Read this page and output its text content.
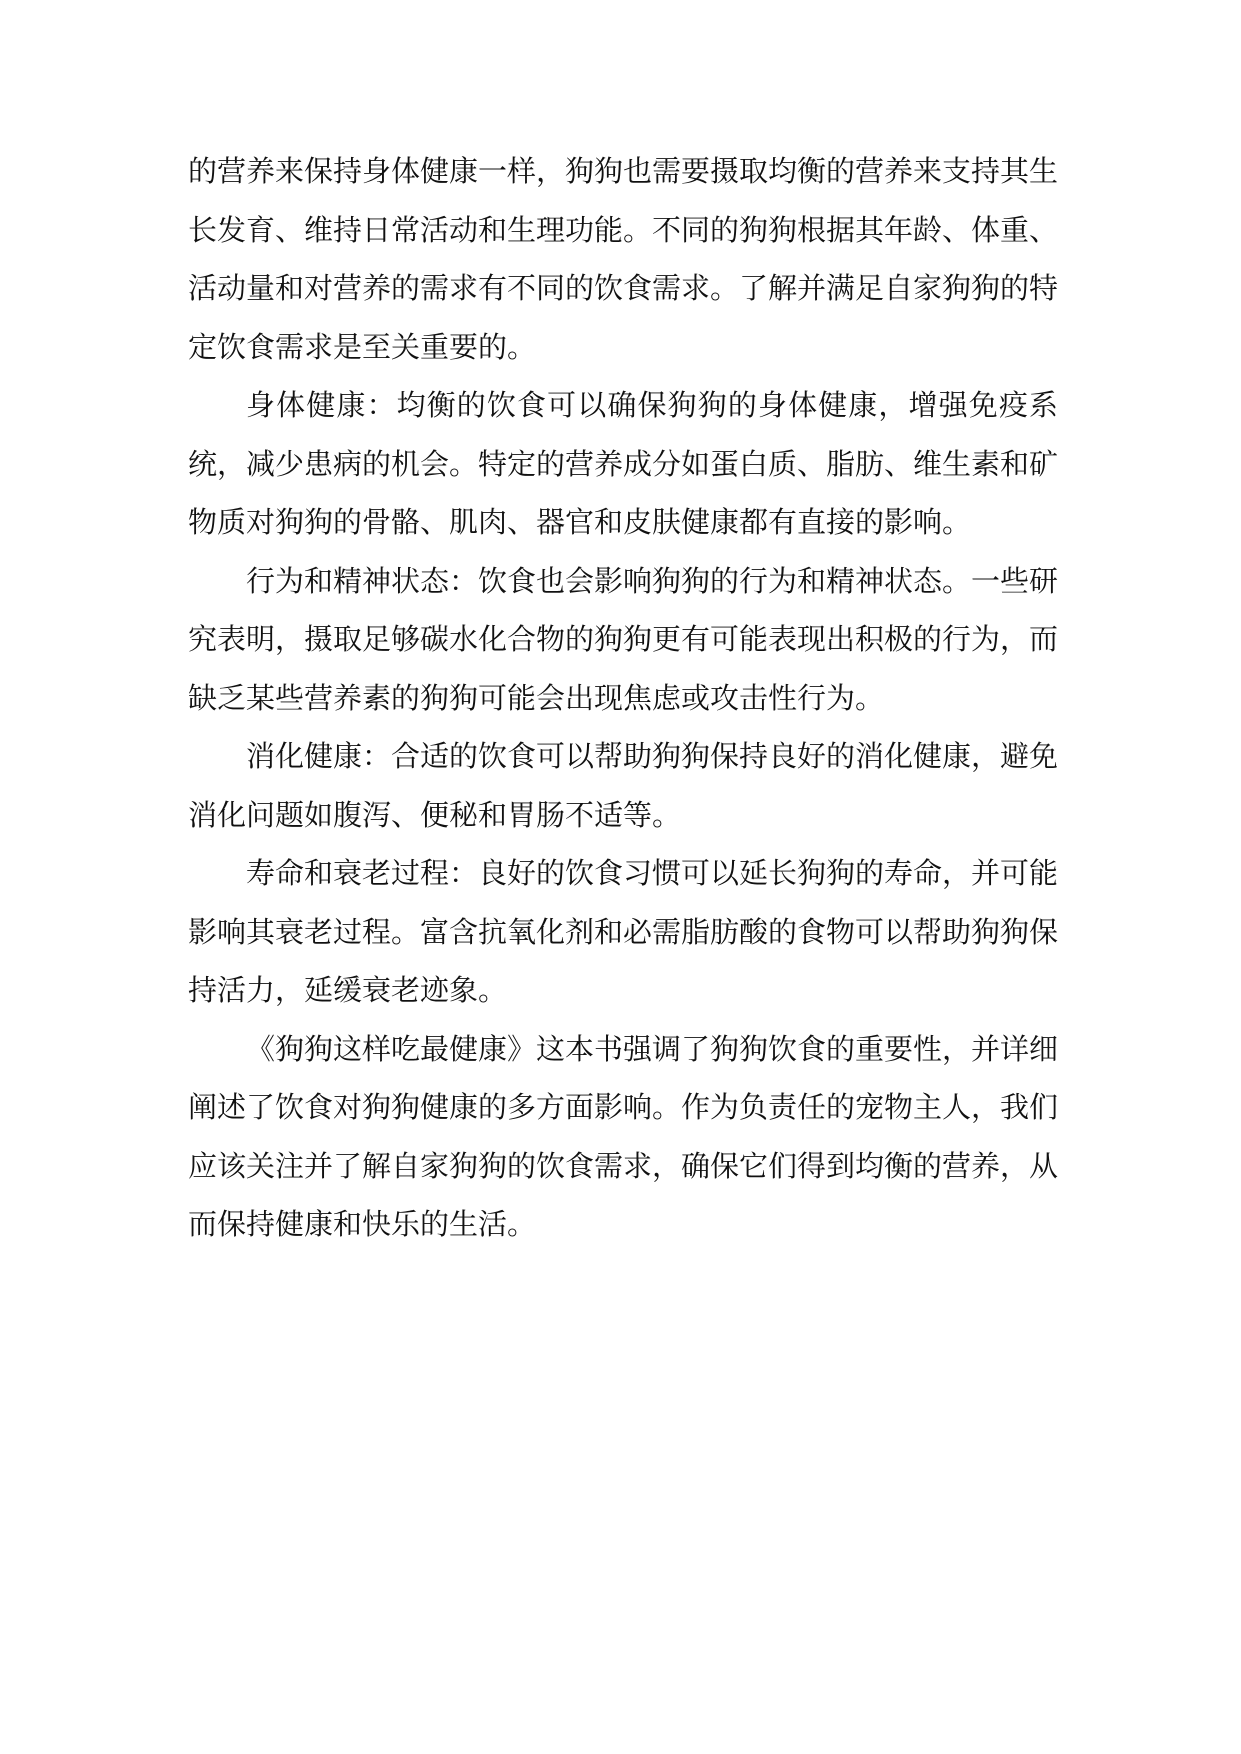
的营养来保持身体健康一样，狗狗也需要摄取均衡的营养来支持其生长发育、维持日常活动和生理功能。不同的狗狗根据其年龄、体重、活动量和对营养的需求有不同的饮食需求。了解并满足自家狗狗的特定饮食需求是至关重要的。

身体健康：均衡的饮食可以确保狗狗的身体健康，增强免疫系统，减少患病的机会。特定的营养成分如蛋白质、脂肪、维生素和矿物质对狗狗的骨骼、肌肉、器官和皮肤健康都有直接的影响。

行为和精神状态：饮食也会影响狗狗的行为和精神状态。一些研究表明，摄取足够碳水化合物的狗狗更有可能表现出积极的行为，而缺乏某些营养素的狗狗可能会出现焦虑或攻击性行为。

消化健康：合适的饮食可以帮助狗狗保持良好的消化健康，避免消化问题如腹泻、便秘和胃肠不适等。

寿命和衰老过程：良好的饮食习惯可以延长狗狗的寿命，并可能影响其衰老过程。富含抗氧化剂和必需脂肪酸的食物可以帮助狗狗保持活力，延缓衰老迹象。

《狗狗这样吃最健康》这本书强调了狗狗饮食的重要性，并详细阐述了饮食对狗狗健康的多方面影响。作为负责任的宠物主人，我们应该关注并了解自家狗狗的饮食需求，确保它们得到均衡的营养，从而保持健康和快乐的生活。
